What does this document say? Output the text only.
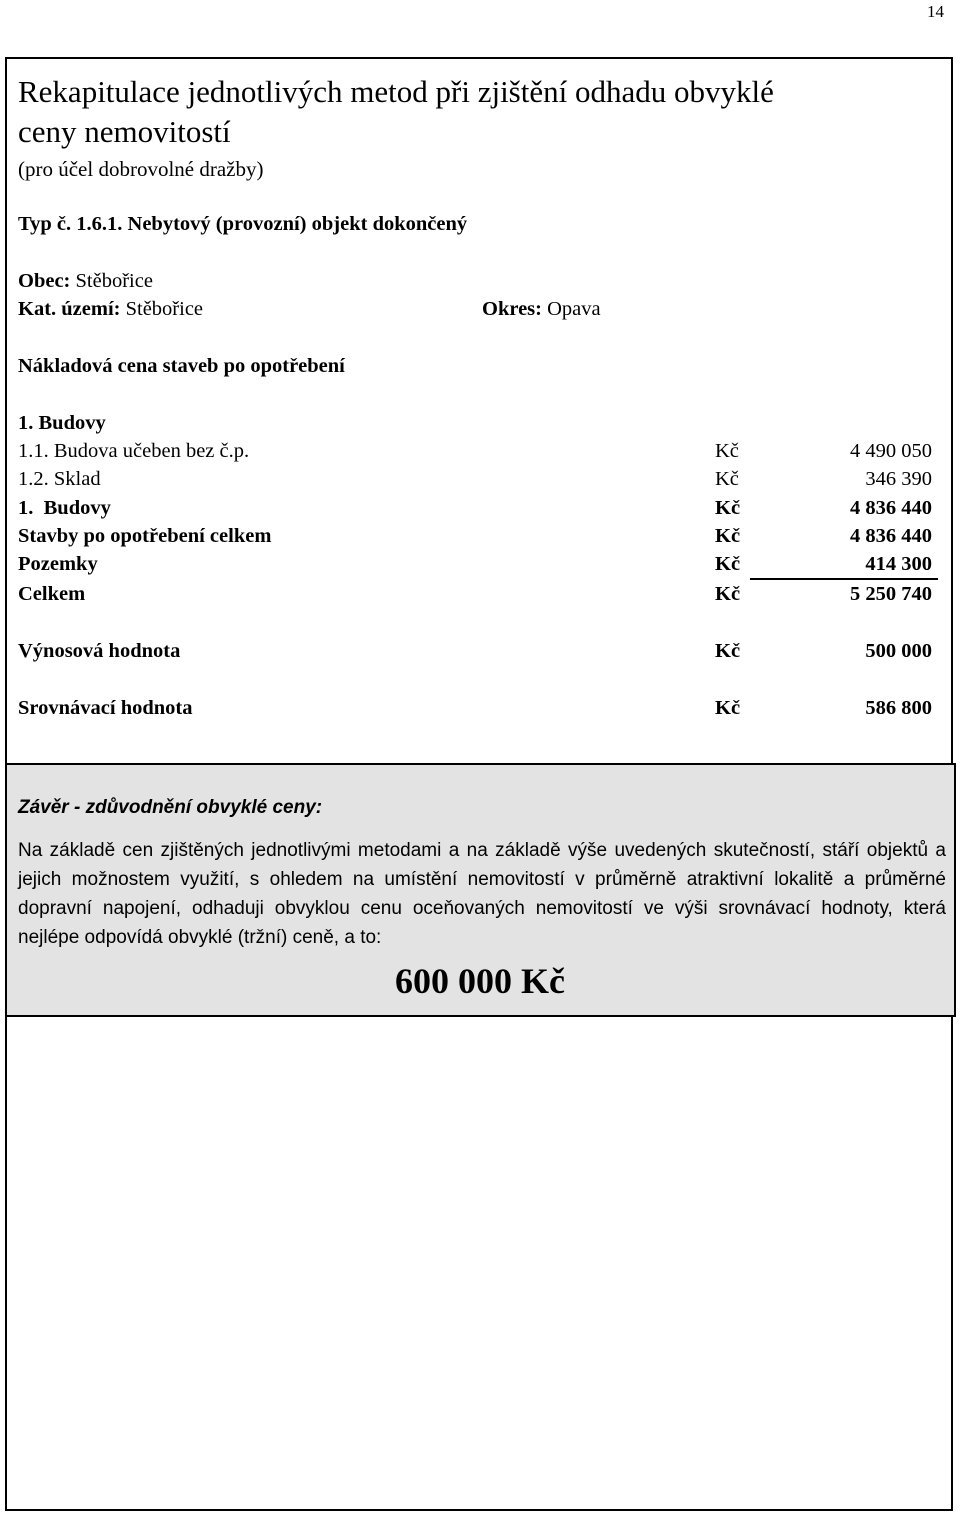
14
Rekapitulace jednotlivých metod při zjištění odhadu obvyklé
ceny nemovitostí
(pro účel dobrovolné dražby)
Typ č. 1.6.1. Nebytový (provozní) objekt dokončený
Obec: Stěbořice
Kat. území: Stěbořice	Okres: Opava
Nákladová cena staveb po opotřebení
1. Budovy
1.1. Budova učeben bez č.p.	Kč	4 490 050
1.2. Sklad	Kč	346 390
1.  Budovy	Kč	4 836 440
Stavby po opotřebení celkem	Kč	4 836 440
Pozemky	Kč	414 300
Celkem	Kč	5 250 740
Výnosová hodnota	Kč	500 000
Srovnávací hodnota	Kč	586 800
Závěr - zdůvodnění obvyklé ceny:
Na základě cen zjištěných jednotlivými metodami a na základě výše uvedených skutečností, stáří objektů a jejich možnostem využití, s ohledem na umístění nemovitostí v průměrně atraktivní lokalitě a průměrné dopravní napojení, odhaduji obvyklou cenu oceňovaných nemovitostí ve výši srovnávací hodnoty, která nejlépe odpovídá obvyklé (tržní) ceně, a to:
600 000 Kč
